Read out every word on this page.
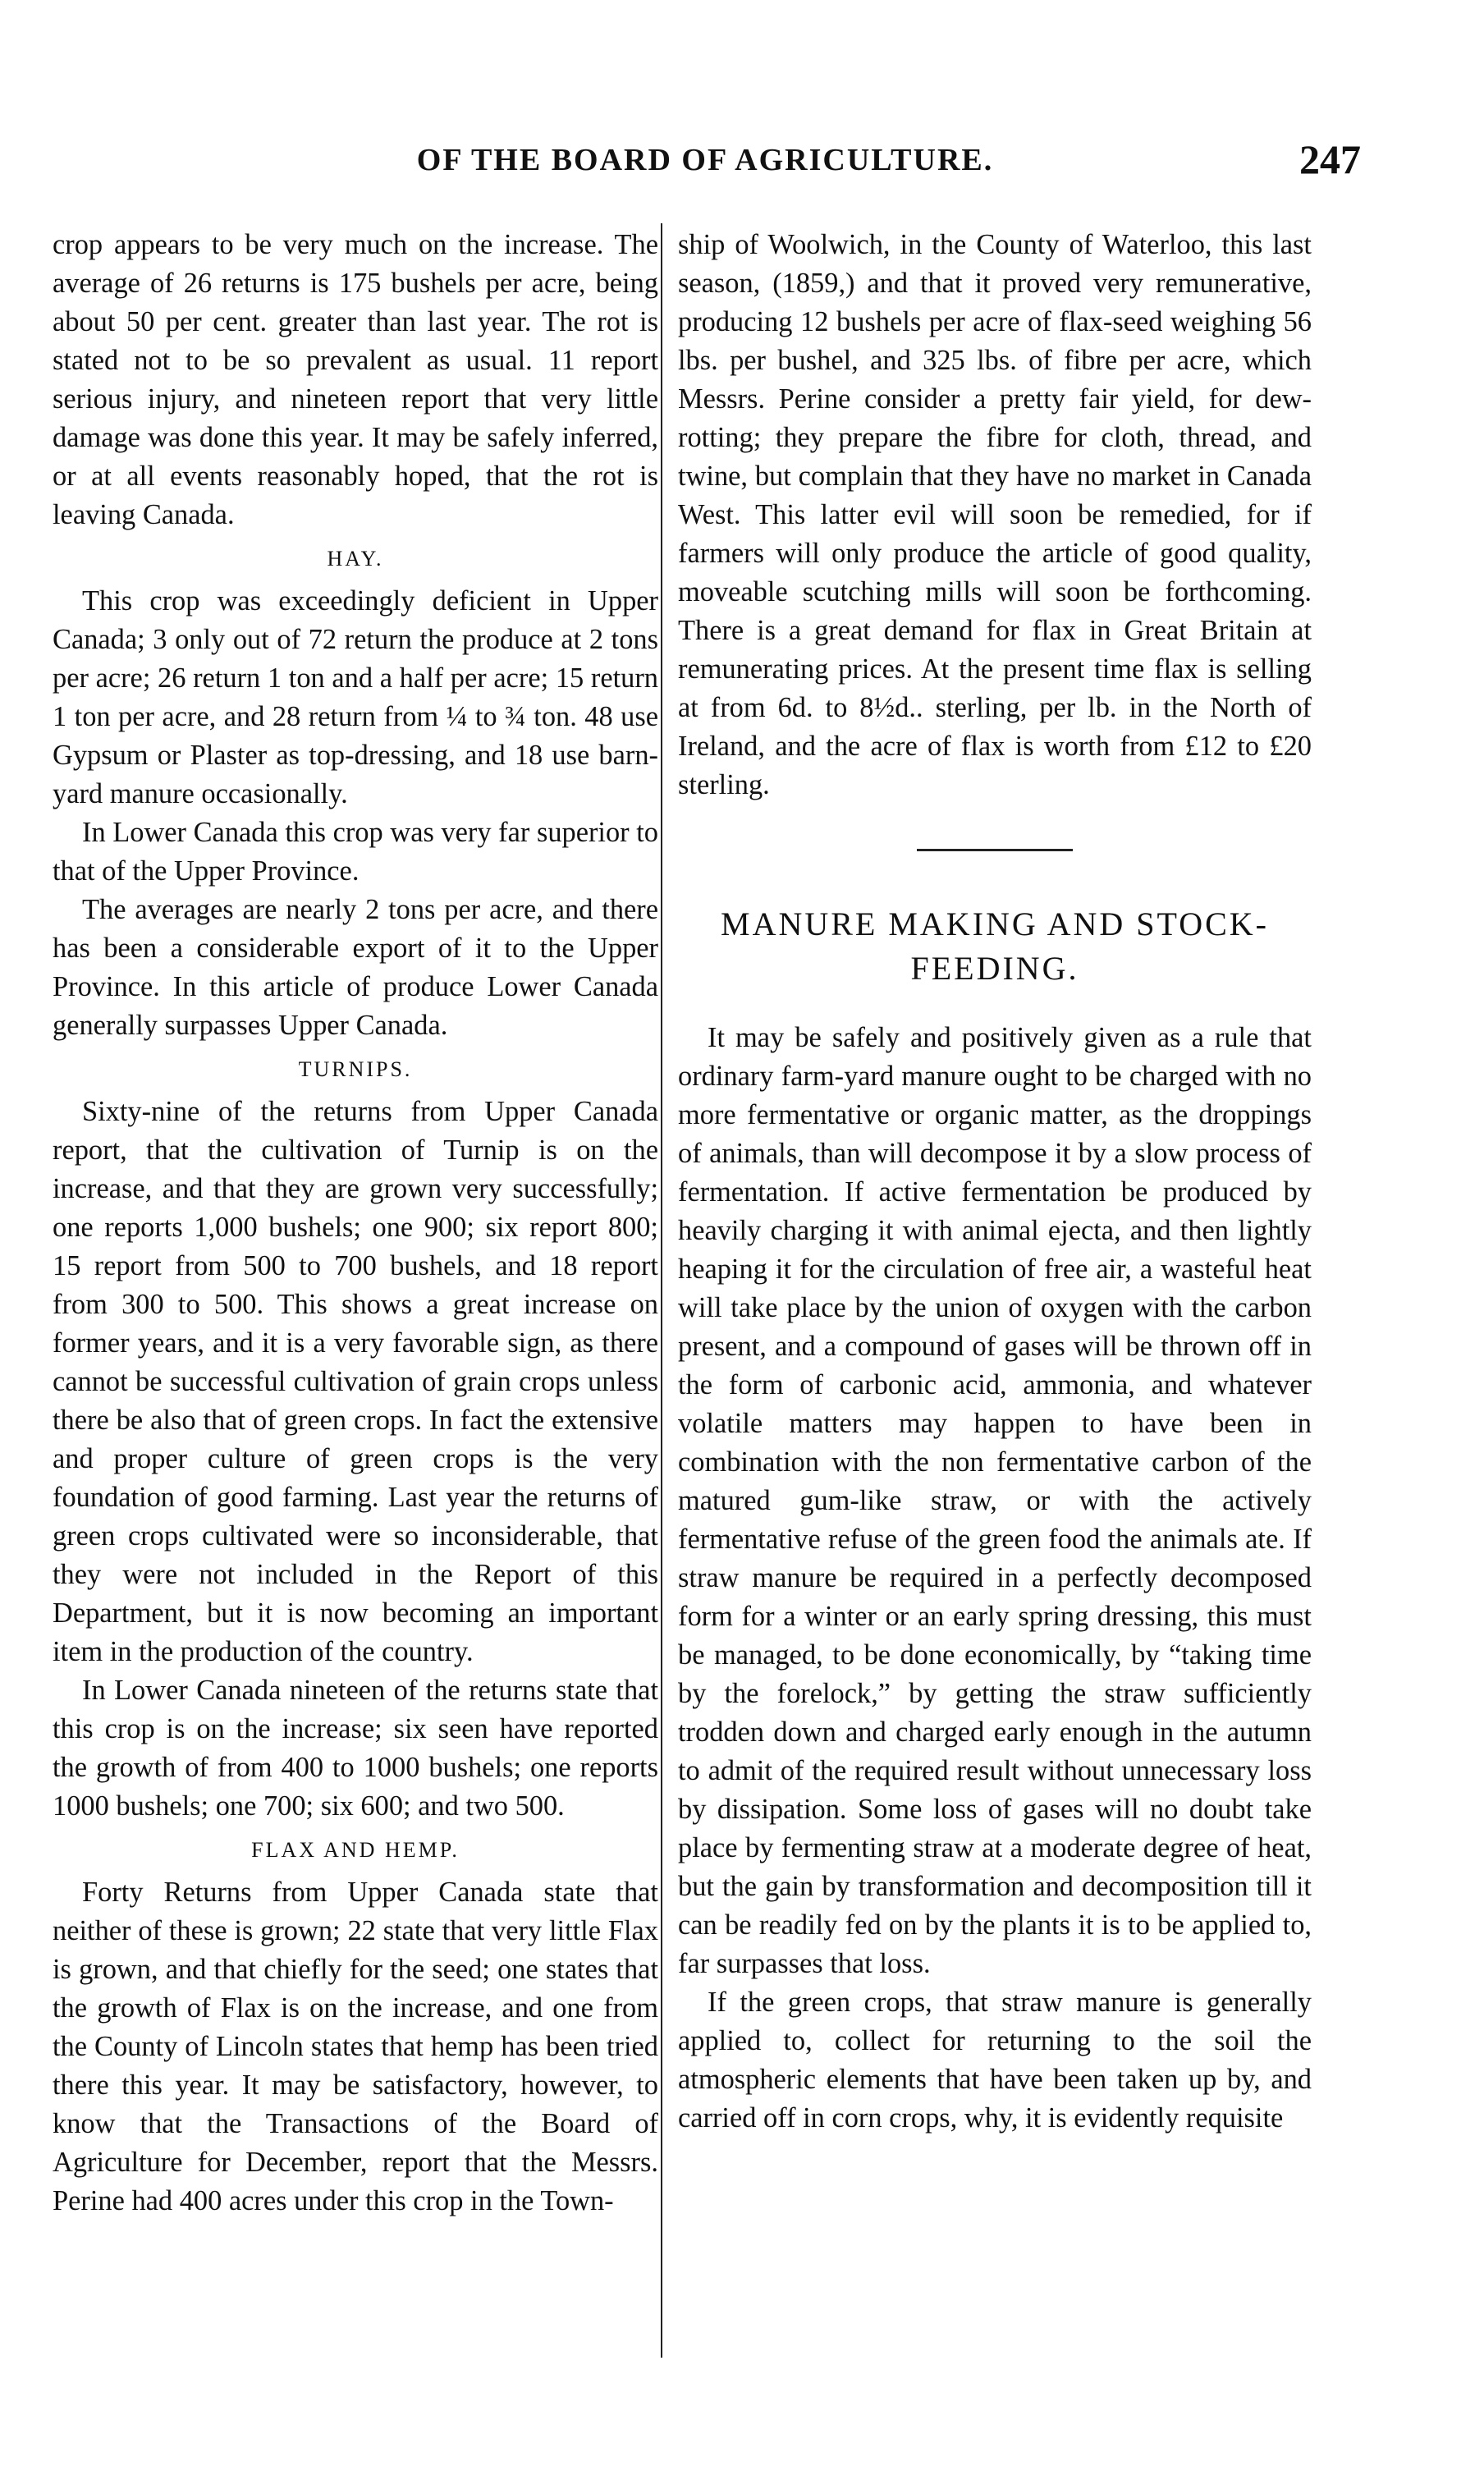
OF THE BOARD OF AGRICULTURE.	247

crop appears to be very much on the increase. The average of 26 returns is 175 bushels per acre, being about 50 per cent. greater than last year. The rot is stated not to be so prevalent as usual. 11 report serious injury, and nineteen report that very little damage was done this year. It may be safely inferred, or at all events reasonably hoped, that the rot is leaving Canada.

HAY.

This crop was exceedingly deficient in Upper Canada; 3 only out of 72 return the produce at 2 tons per acre; 26 return 1 ton and a half per acre; 15 return 1 ton per acre, and 28 return from ¼ to ¾ ton. 48 use Gypsum or Plaster as top-dressing, and 18 use barn-yard manure occasionally.

In Lower Canada this crop was very far superior to that of the Upper Province.

The averages are nearly 2 tons per acre, and there has been a considerable export of it to the Upper Province. In this article of produce Lower Canada generally surpasses Upper Canada.

TURNIPS.

Sixty-nine of the returns from Upper Canada report, that the cultivation of Turnip is on the increase, and that they are grown very successfully; one reports 1,000 bushels; one 900; six report 800; 15 report from 500 to 700 bushels, and 18 report from 300 to 500. This shows a great increase on former years, and it is a very favorable sign, as there cannot be successful cultivation of grain crops unless there be also that of green crops. In fact the extensive and proper culture of green crops is the very foundation of good farming. Last year the returns of green crops cultivated were so inconsiderable, that they were not included in the Report of this Department, but it is now becoming an important item in the production of the country.

In Lower Canada nineteen of the returns state that this crop is on the increase; six seen have reported the growth of from 400 to 1000 bushels; one reports 1000 bushels; one 700; six 600; and two 500.

FLAX AND HEMP.

Forty Returns from Upper Canada state that neither of these is grown; 22 state that very little Flax is grown, and that chiefly for the seed; one states that the growth of Flax is on the increase, and one from the County of Lincoln states that hemp has been tried there this year. It may be satisfactory, however, to know that the Transactions of the Board of Agriculture for December, report that the Messrs. Perine had 400 acres under this crop in the Town-

ship of Woolwich, in the County of Waterloo, this last season, (1859,) and that it proved very remunerative, producing 12 bushels per acre of flax-seed weighing 56 lbs. per bushel, and 325 lbs. of fibre per acre, which Messrs. Perine consider a pretty fair yield, for dew-rotting; they prepare the fibre for cloth, thread, and twine, but complain that they have no market in Canada West. This latter evil will soon be remedied, for if farmers will only produce the article of good quality, moveable scutching mills will soon be forthcoming. There is a great demand for flax in Great Britain at remunerating prices. At the present time flax is selling at from 6d. to 8½d.. sterling, per lb. in the North of Ireland, and the acre of flax is worth from £12 to £20 sterling.

MANURE MAKING AND STOCK-FEEDING.

It may be safely and positively given as a rule that ordinary farm-yard manure ought to be charged with no more fermentative or organic matter, as the droppings of animals, than will decompose it by a slow process of fermentation. If active fermentation be produced by heavily charging it with animal ejecta, and then lightly heaping it for the circulation of free air, a wasteful heat will take place by the union of oxygen with the carbon present, and a compound of gases will be thrown off in the form of carbonic acid, ammonia, and whatever volatile matters may happen to have been in combination with the non fermentative carbon of the matured gum-like straw, or with the actively fermentative refuse of the green food the animals ate. If straw manure be required in a perfectly decomposed form for a winter or an early spring dressing, this must be managed, to be done economically, by “taking time by the forelock,” by getting the straw sufficiently trodden down and charged early enough in the autumn to admit of the required result without unnecessary loss by dissipation. Some loss of gases will no doubt take place by fermenting straw at a moderate degree of heat, but the gain by transformation and decomposition till it can be readily fed on by the plants it is to be applied to, far surpasses that loss.

If the green crops, that straw manure is generally applied to, collect for returning to the soil the atmospheric elements that have been taken up by, and carried off in corn crops, why, it is evidently requisite
